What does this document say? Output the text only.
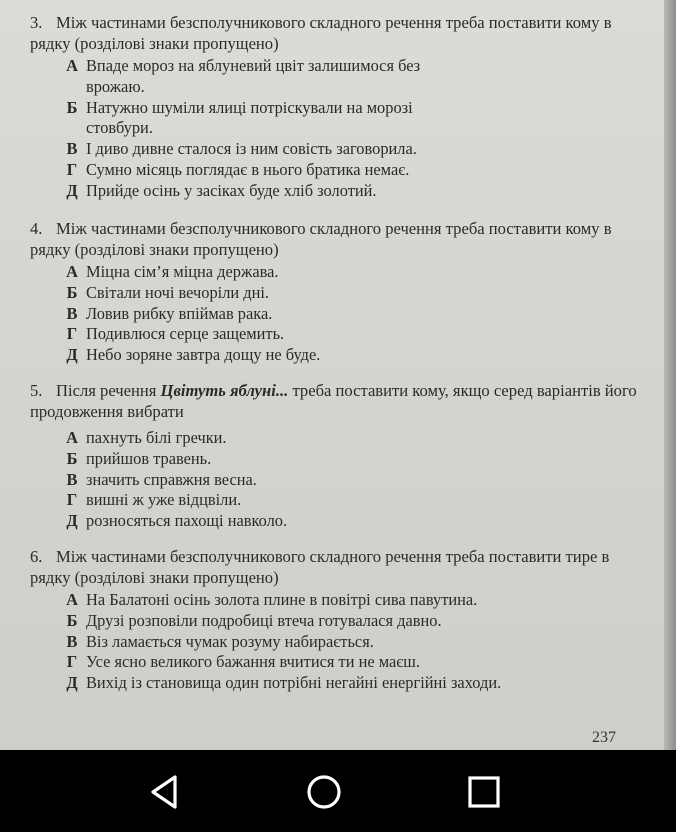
3. Між частинами безсполучникового складного речення треба поставити кому в рядку (розділові знаки пропущено)

А Впаде мороз на яблуневий цвіт залишимося без врожаю.
Б Натужно шуміли ялиці потріскували на морозі стовбури.
В І диво дивне сталося із ним совість заговорила.
Г Сумно місяць поглядає в нього братика немає.
Д Прийде осінь у засіках буде хліб золотий.

4. Між частинами безсполучникового складного речення треба поставити кому в рядку (розділові знаки пропущено)

А Міцна сім’я міцна держава.
Б Світали ночі вечоріли дні.
В Ловив рибку впіймав рака.
Г Подивлюся серце защемить.
Д Небо зоряне завтра дощу не буде.

5. Після речення Цвітуть яблуні... треба поставити кому, якщо серед варіантів його продовження вибрати

А пахнуть білі гречки.
Б прийшов травень.
В значить справжня весна.
Г вишні ж уже відцвіли.
Д розносяться пахощі навколо.

6. Між частинами безсполучникового складного речення треба поставити тире в рядку (розділові знаки пропущено)

А На Балатоні осінь золота плине в повітрі сива павутина.
Б Друзі розповіли подробиці втеча готувалася давно.
В Віз ламається чумак розуму набирається.
Г Усе ясно великого бажання вчитися ти не маєш.
Д Вихід із становища один потрібні негайні енергійні заходи.
237
